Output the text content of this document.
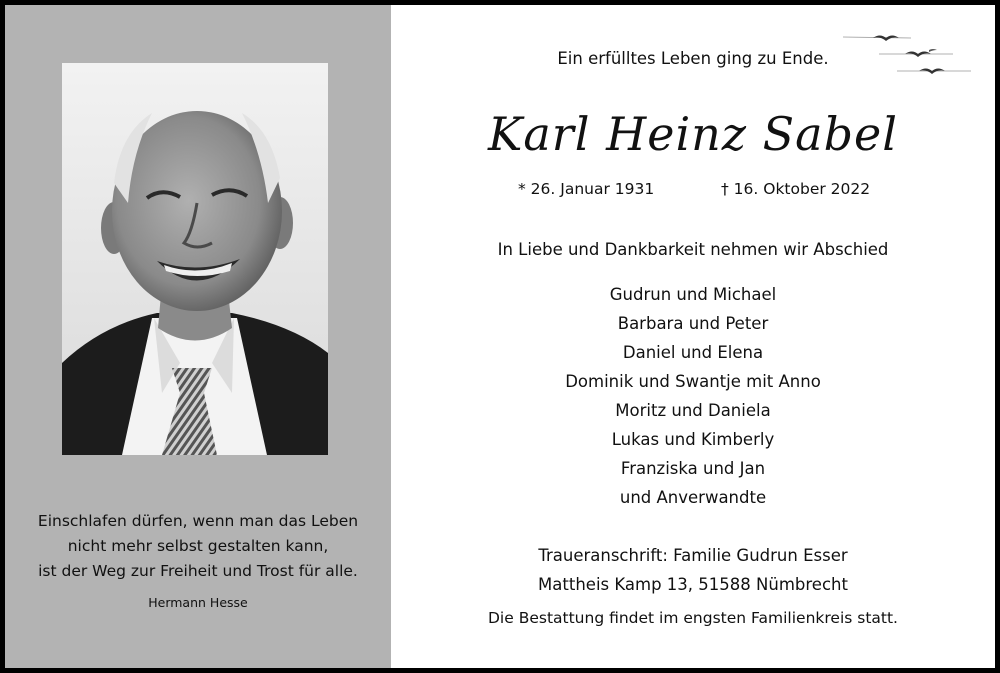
Einschlafen dürfen, wenn man das Leben
nicht mehr selbst gestalten kann,
ist der Weg zur Freiheit und Trost für alle.
Hermann Hesse
Ein erfülltes Leben ging zu Ende.
Karl Heinz Sabel
* 26. Januar 1931	† 16. Oktober 2022
In Liebe und Dankbarkeit nehmen wir Abschied
Gudrun und Michael
Barbara und Peter
Daniel und Elena
Dominik und Swantje mit Anno
Moritz und Daniela
Lukas und Kimberly
Franziska und Jan
und Anverwandte
Traueranschrift: Familie Gudrun Esser
Mattheis Kamp 13, 51588 Nümbrecht
Die Bestattung findet im engsten Familienkreis statt.
